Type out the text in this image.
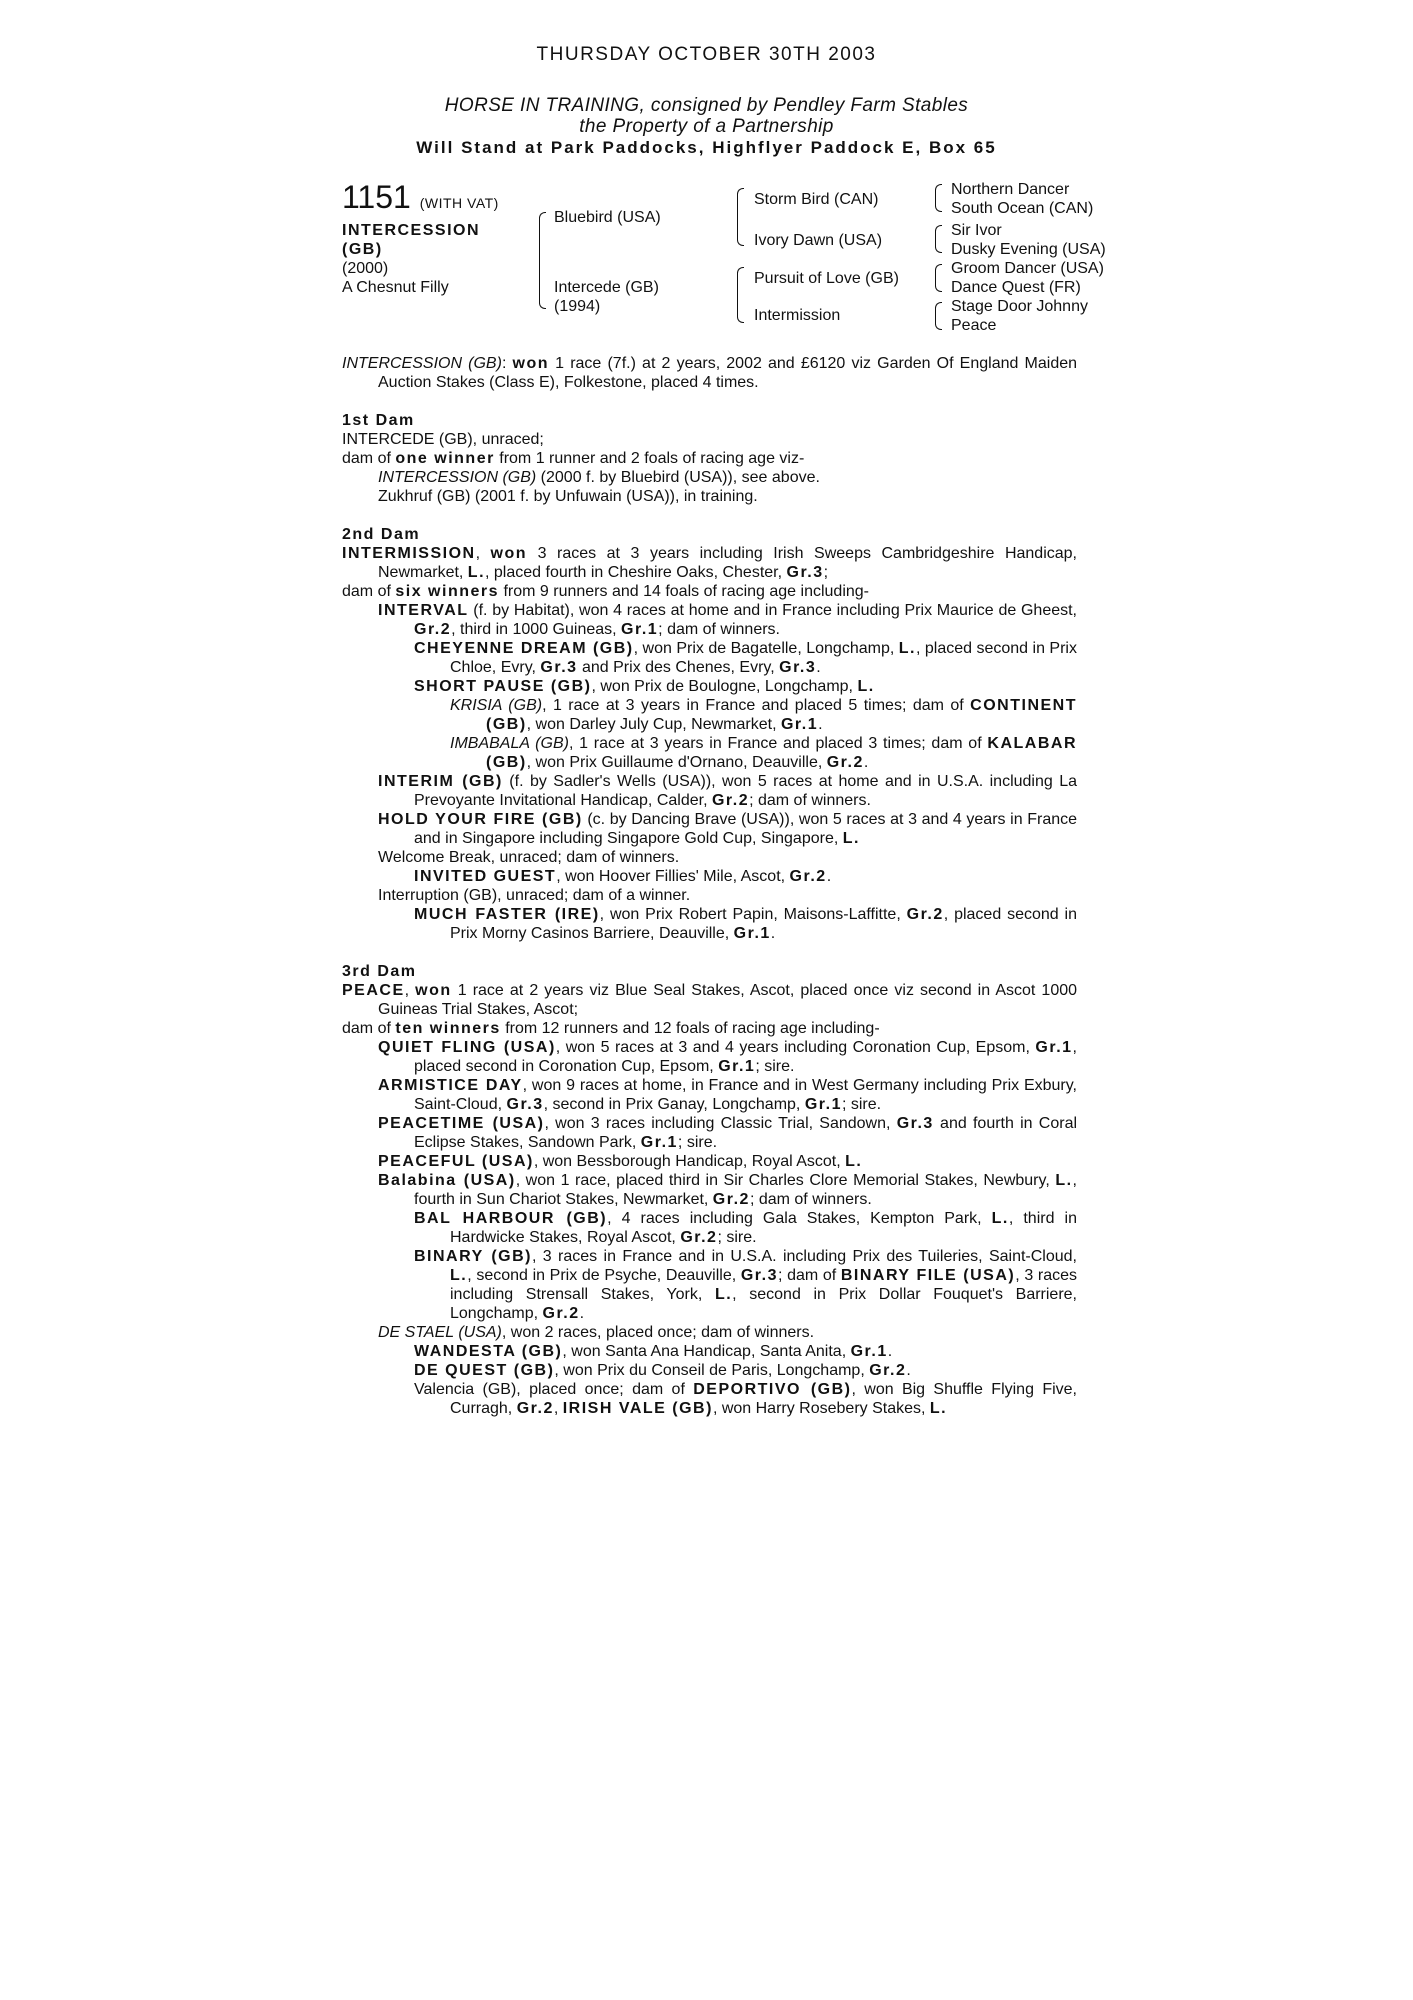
THURSDAY OCTOBER 30TH 2003
HORSE IN TRAINING, consigned by Pendley Farm Stables
the Property of a Partnership
Will Stand at Park Paddocks, Highflyer Paddock E, Box 65
1151 (WITH VAT)
INTERCESSION
(GB)
(2000)
A Chesnut Filly
Bluebird (USA)
Intercede (GB)
(1994)
Storm Bird (CAN)
Ivory Dawn (USA)
Pursuit of Love (GB)
Intermission
Northern Dancer
South Ocean (CAN)
Sir Ivor
Dusky Evening (USA)
Groom Dancer (USA)
Dance Quest (FR)
Stage Door Johnny
Peace

INTERCESSION (GB): won 1 race (7f.) at 2 years, 2002 and £6120 viz Garden Of England Maiden Auction Stakes (Class E), Folkestone, placed 4 times.

1st Dam

INTERCEDE (GB), unraced;

dam of one winner from 1 runner and 2 foals of racing age viz-

INTERCESSION (GB) (2000 f. by Bluebird (USA)), see above.

Zukhruf (GB) (2001 f. by Unfuwain (USA)), in training.

2nd Dam

INTERMISSION, won 3 races at 3 years including Irish Sweeps Cambridgeshire Handicap, Newmarket, L., placed fourth in Cheshire Oaks, Chester, Gr.3;

dam of six winners from 9 runners and 14 foals of racing age including-

INTERVAL (f. by Habitat), won 4 races at home and in France including Prix Maurice de Gheest, Gr.2, third in 1000 Guineas, Gr.1; dam of winners.

CHEYENNE DREAM (GB), won Prix de Bagatelle, Longchamp, L., placed second in Prix Chloe, Evry, Gr.3 and Prix des Chenes, Evry, Gr.3.

SHORT PAUSE (GB), won Prix de Boulogne, Longchamp, L.

KRISIA (GB), 1 race at 3 years in France and placed 5 times; dam of CONTINENT (GB), won Darley July Cup, Newmarket, Gr.1.

IMBABALA (GB), 1 race at 3 years in France and placed 3 times; dam of KALABAR (GB), won Prix Guillaume d'Ornano, Deauville, Gr.2.

INTERIM (GB) (f. by Sadler's Wells (USA)), won 5 races at home and in U.S.A. including La Prevoyante Invitational Handicap, Calder, Gr.2; dam of winners.

HOLD YOUR FIRE (GB) (c. by Dancing Brave (USA)), won 5 races at 3 and 4 years in France and in Singapore including Singapore Gold Cup, Singapore, L.

Welcome Break, unraced; dam of winners.

INVITED GUEST, won Hoover Fillies' Mile, Ascot, Gr.2.

Interruption (GB), unraced; dam of a winner.

MUCH FASTER (IRE), won Prix Robert Papin, Maisons-Laffitte, Gr.2, placed second in Prix Morny Casinos Barriere, Deauville, Gr.1.

3rd Dam

PEACE, won 1 race at 2 years viz Blue Seal Stakes, Ascot, placed once viz second in Ascot 1000 Guineas Trial Stakes, Ascot;

dam of ten winners from 12 runners and 12 foals of racing age including-

QUIET FLING (USA), won 5 races at 3 and 4 years including Coronation Cup, Epsom, Gr.1, placed second in Coronation Cup, Epsom, Gr.1; sire.

ARMISTICE DAY, won 9 races at home, in France and in West Germany including Prix Exbury, Saint-Cloud, Gr.3, second in Prix Ganay, Longchamp, Gr.1; sire.

PEACETIME (USA), won 3 races including Classic Trial, Sandown, Gr.3 and fourth in Coral Eclipse Stakes, Sandown Park, Gr.1; sire.

PEACEFUL (USA), won Bessborough Handicap, Royal Ascot, L.

Balabina (USA), won 1 race, placed third in Sir Charles Clore Memorial Stakes, Newbury, L., fourth in Sun Chariot Stakes, Newmarket, Gr.2; dam of winners.

BAL HARBOUR (GB), 4 races including Gala Stakes, Kempton Park, L., third in Hardwicke Stakes, Royal Ascot, Gr.2; sire.

BINARY (GB), 3 races in France and in U.S.A. including Prix des Tuileries, Saint-Cloud, L., second in Prix de Psyche, Deauville, Gr.3; dam of BINARY FILE (USA), 3 races including Strensall Stakes, York, L., second in Prix Dollar Fouquet's Barriere, Longchamp, Gr.2.

DE STAEL (USA), won 2 races, placed once; dam of winners.

WANDESTA (GB), won Santa Ana Handicap, Santa Anita, Gr.1.

DE QUEST (GB), won Prix du Conseil de Paris, Longchamp, Gr.2.

Valencia (GB), placed once; dam of DEPORTIVO (GB), won Big Shuffle Flying Five, Curragh, Gr.2, IRISH VALE (GB), won Harry Rosebery Stakes, L.
